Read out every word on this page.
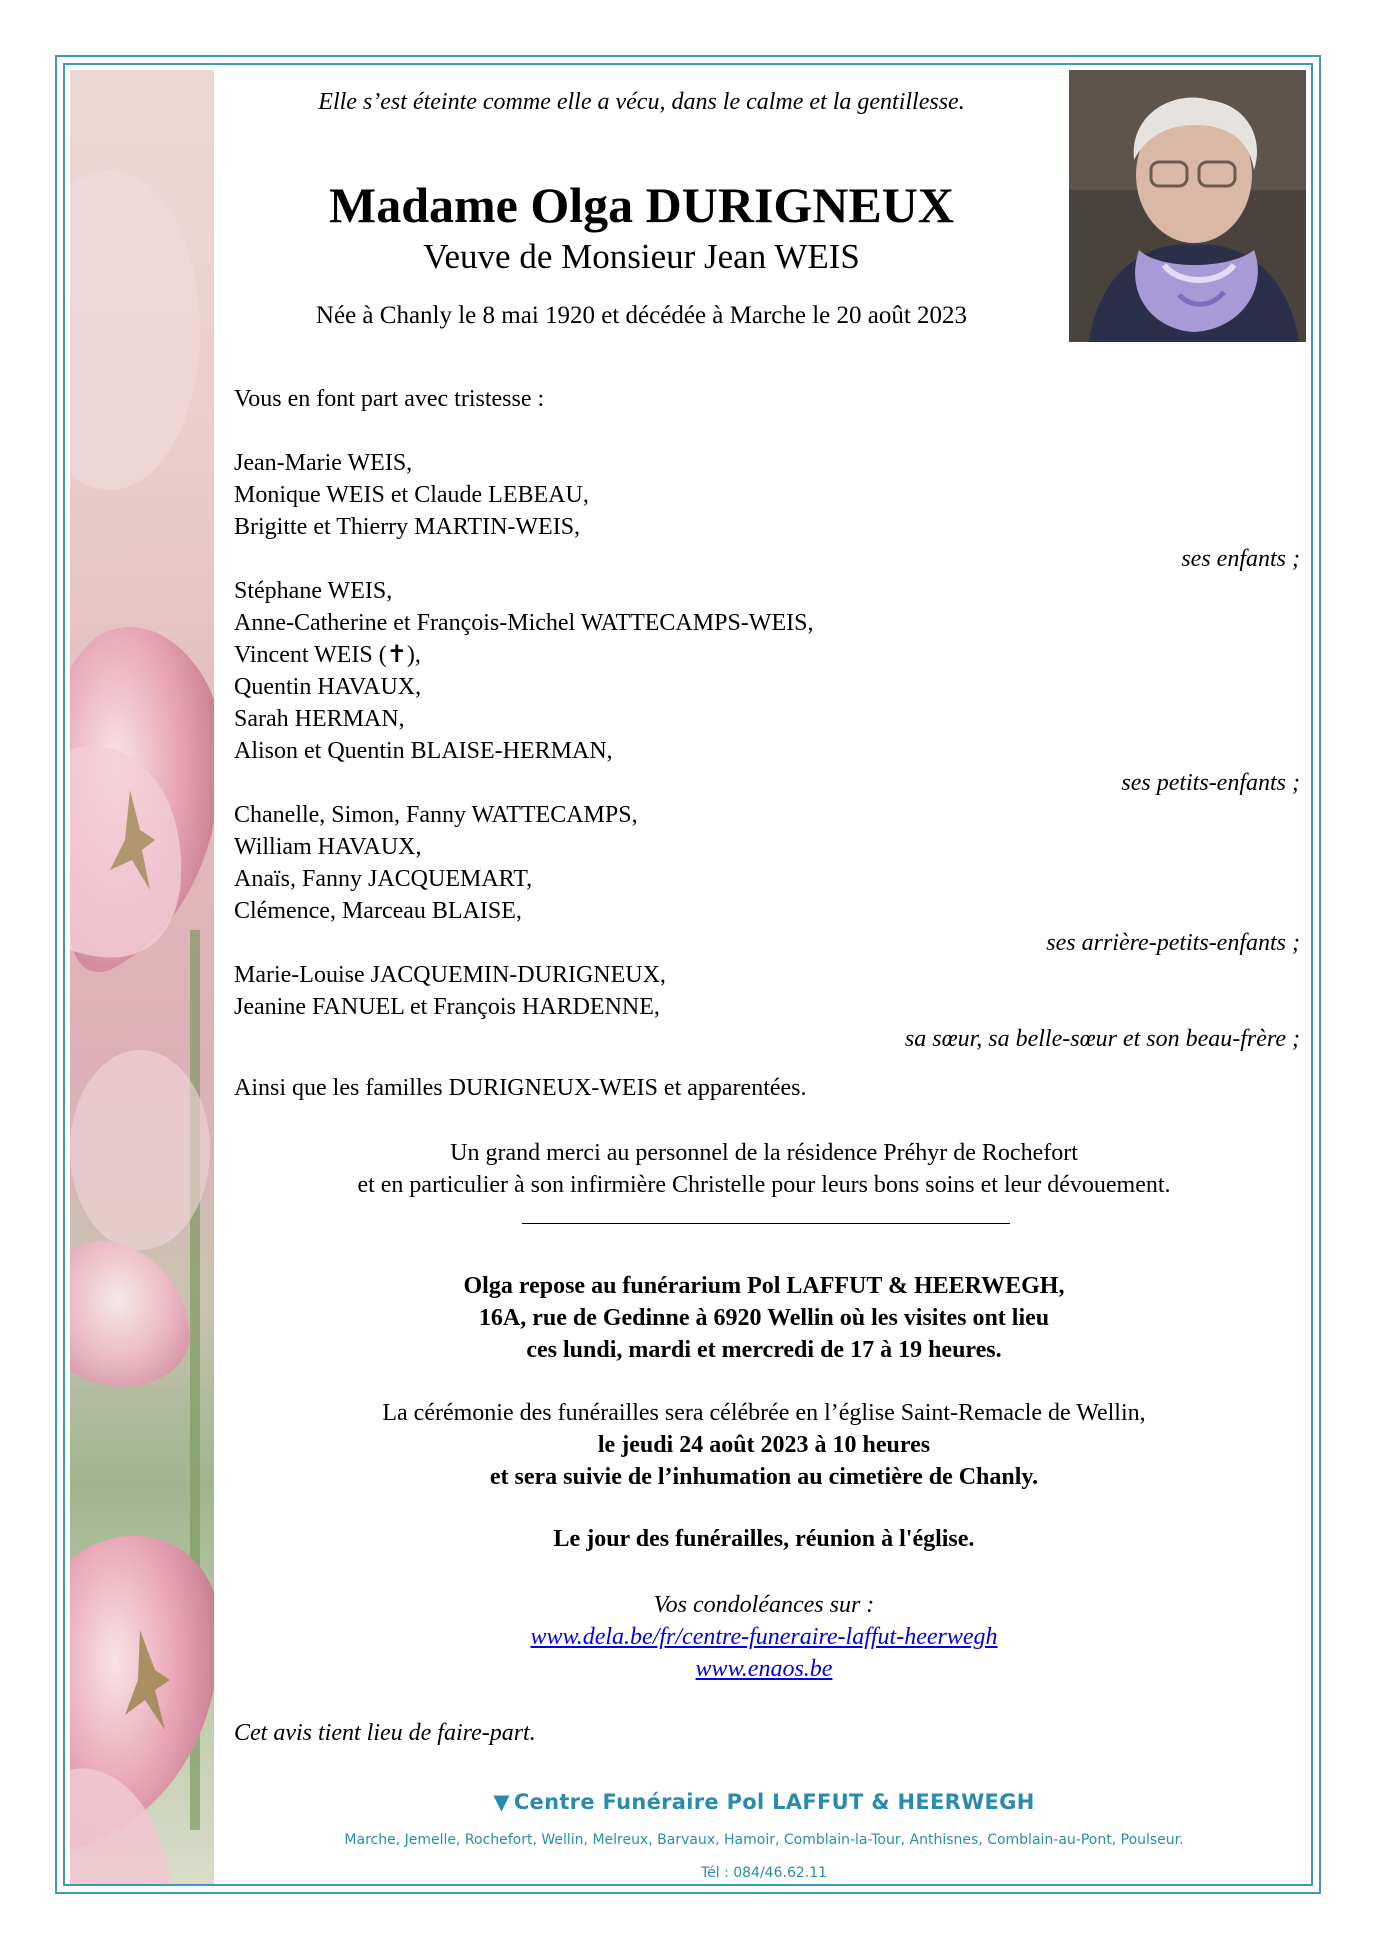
Elle s’est éteinte comme elle a vécu, dans le calme et la gentillesse.

Madame Olga DURIGNEUX

Veuve de Monsieur Jean WEIS

Née à Chanly le 8 mai 1920 et décédée à Marche le 20 août 2023

Vous en font part avec tristesse :

Jean-Marie WEIS,

Monique WEIS et Claude LEBEAU,

Brigitte et Thierry MARTIN-WEIS,

ses enfants ;

Stéphane WEIS,

Anne-Catherine et François-Michel WATTECAMPS-WEIS,

Vincent WEIS (✝),

Quentin HAVAUX,

Sarah HERMAN,

Alison et Quentin BLAISE-HERMAN,

ses petits-enfants ;

Chanelle, Simon, Fanny WATTECAMPS,

William HAVAUX,

Anaïs, Fanny JACQUEMART,

Clémence, Marceau BLAISE,

ses arrière-petits-enfants ;

Marie-Louise JACQUEMIN-DURIGNEUX,

Jeanine FANUEL et François HARDENNE,

sa sœur, sa belle-sœur et son beau-frère ;

Ainsi que les familles DURIGNEUX-WEIS et apparentées.

Un grand merci au personnel de la résidence Préhyr de Rochefort

et en particulier à son infirmière Christelle pour leurs bons soins et leur dévouement.

Olga repose au funérarium Pol LAFFUT & HEERWEGH,

16A, rue de Gedinne à 6920 Wellin où les visites ont lieu

ces lundi, mardi et mercredi de 17 à 19 heures.

La cérémonie des funérailles sera célébrée en l’église Saint-Remacle de Wellin,

le jeudi 24 août 2023 à 10 heures

et sera suivie de l’inhumation au cimetière de Chanly.

Le jour des funérailles, réunion à l'église.

Vos condoléances sur :

www.dela.be/fr/centre-funeraire-laffut-heerwegh

www.enaos.be

Cet avis tient lieu de faire-part.

▼ Centre Funéraire Pol LAFFUT & HEERWEGH

Marche, Jemelle, Rochefort, Wellin, Melreux, Barvaux, Hamoir, Comblain-la-Tour, Anthisnes, Comblain-au-Pont, Poulseur.

Tél : 084/46.62.11
